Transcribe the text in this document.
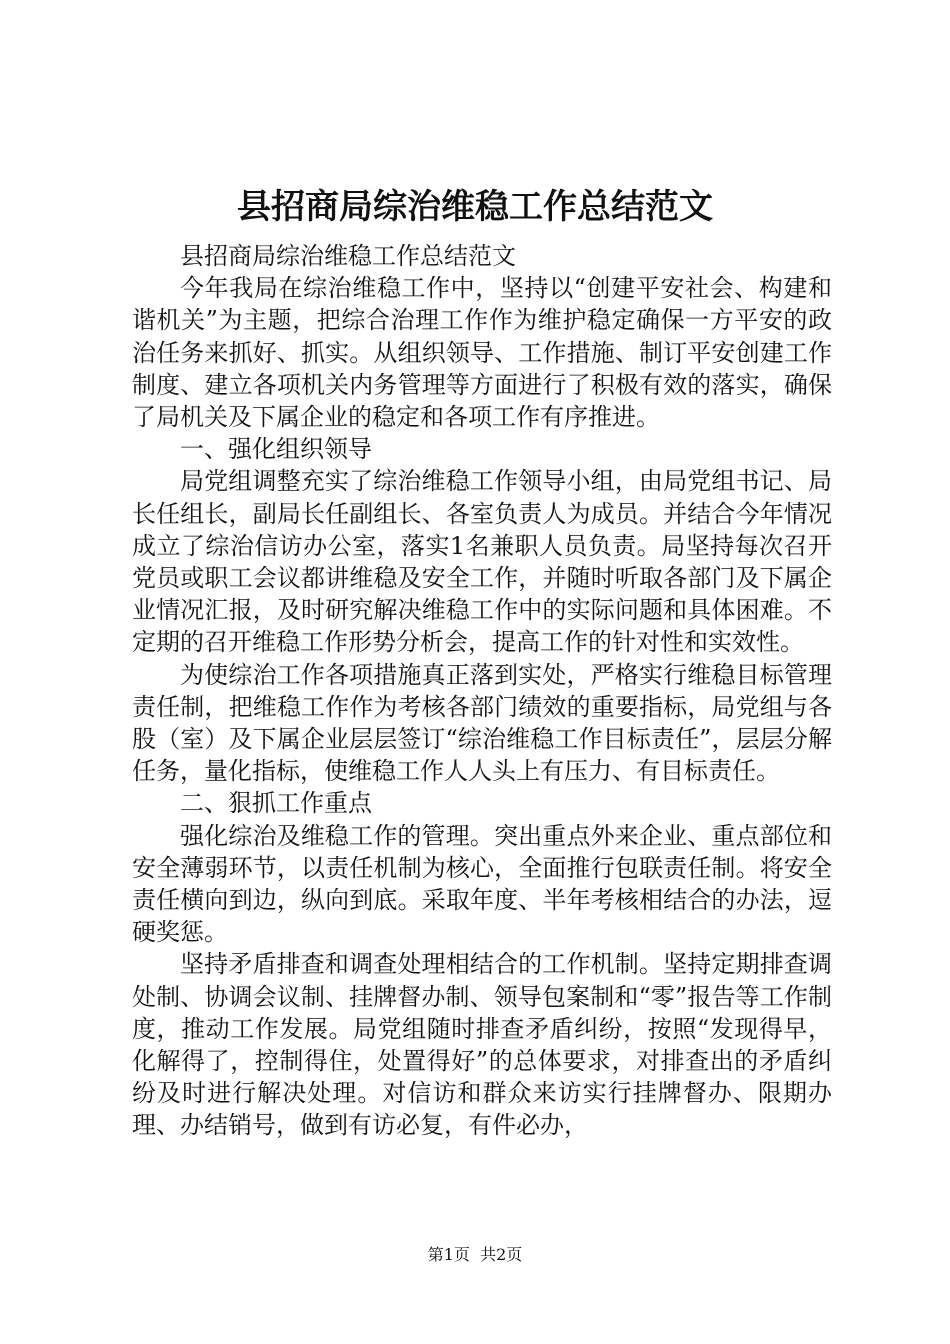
县招商局综治维稳工作总结范文

县招商局综治维稳工作总结范文

今年我局在综治维稳工作中，坚持以“创建平安社会、构建和谐机关”为主题，把综合治理工作作为维护稳定确保一方平安的政治任务来抓好、抓实。从组织领导、工作措施、制订平安创建工作制度、建立各项机关内务管理等方面进行了积极有效的落实，确保了局机关及下属企业的稳定和各项工作有序推进。

一、强化组织领导

局党组调整充实了综治维稳工作领导小组，由局党组书记、局长任组长，副局长任副组长、各室负责人为成员。并结合今年情况成立了综治信访办公室，落实1名兼职人员负责。局坚持每次召开党员或职工会议都讲维稳及安全工作，并随时听取各部门及下属企业情况汇报，及时研究解决维稳工作中的实际问题和具体困难。不定期的召开维稳工作形势分析会，提高工作的针对性和实效性。

为使综治工作各项措施真正落到实处，严格实行维稳目标管理责任制，把维稳工作作为考核各部门绩效的重要指标，局党组与各股（室）及下属企业层层签订“综治维稳工作目标责任”，层层分解任务，量化指标，使维稳工作人人头上有压力、有目标责任。

二、狠抓工作重点

强化综治及维稳工作的管理。突出重点外来企业、重点部位和安全薄弱环节，以责任机制为核心，全面推行包联责任制。将安全责任横向到边，纵向到底。采取年度、半年考核相结合的办法，逗硬奖惩。

坚持矛盾排查和调查处理相结合的工作机制。坚持定期排查调处制、协调会议制、挂牌督办制、领导包案制和“零”报告等工作制度，推动工作发展。局党组随时排查矛盾纠纷，按照“发现得早，化解得了，控制得住，处置得好”的总体要求，对排查出的矛盾纠纷及时进行解决处理。对信访和群众来访实行挂牌督办、限期办理、办结销号，做到有访必复，有件必办，

第1页 共2页
